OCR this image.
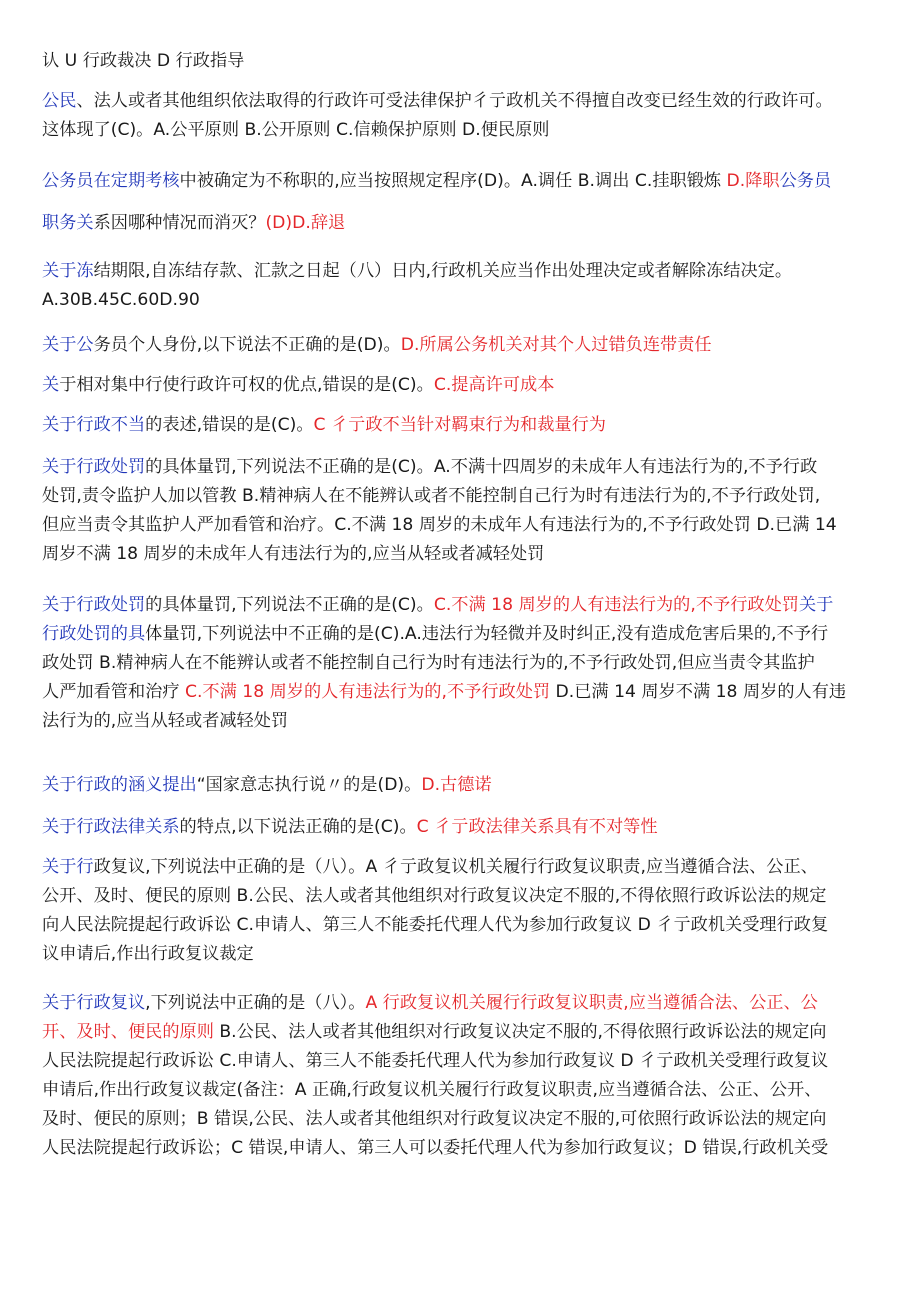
认 U 行政裁决 D 行政指导
公民、法人或者其他组织依法取得的行政许可受法律保护彳亍政机关不得擅自改变已经生效的行政许可。
这体现了(C)。A.公平原则 B.公开原则 C.信赖保护原则 D.便民原则
公务员在定期考核中被确定为不称职的,应当按照规定程序(D)。A.调任 B.调出 C.挂职锻炼 D.降职公务员
职务关系因哪种情况而消灭？(D)D.辞退
关于冻结期限,自冻结存款、汇款之日起（八）日内,行政机关应当作出处理决定或者解除冻结决定。
A.30B.45C.60D.90
关于公务员个人身份,以下说法不正确的是(D)。D.所属公务机关对其个人过错负连带责任
关于相对集中行使行政许可权的优点,错误的是(C)。C.提高许可成本
关于行政不当的表述,错误的是(C)。C 彳亍政不当针对羁束行为和裁量行为
关于行政处罚的具体量罚,下列说法不正确的是(C)。A.不满十四周岁的未成年人有违法行为的,不予行政
处罚,责令监护人加以管教 B.精神病人在不能辨认或者不能控制自己行为时有违法行为的,不予行政处罚,
但应当责令其监护人严加看管和治疗。C.不满 18 周岁的未成年人有违法行为的,不予行政处罚 D.已满 14
周岁不满 18 周岁的未成年人有违法行为的,应当从轻或者减轻处罚
关于行政处罚的具体量罚,下列说法不正确的是(C)。C.不满 18 周岁的人有违法行为的,不予行政处罚关于
行政处罚的具体量罚,下列说法中不正确的是(C).A.违法行为轻微并及时纠正,没有造成危害后果的,不予行
政处罚 B.精神病人在不能辨认或者不能控制自己行为时有违法行为的,不予行政处罚,但应当责令其监护
人严加看管和治疗 C.不满 18 周岁的人有违法行为的,不予行政处罚 D.已满 14 周岁不满 18 周岁的人有违
法行为的,应当从轻或者减轻处罚
关于行政的涵义提出“国家意志执行说〃的是(D)。D.古德诺
关于行政法律关系的特点,以下说法正确的是(C)。C 彳亍政法律关系具有不对等性
关于行政复议,下列说法中正确的是（八）。A 彳亍政复议机关履行行政复议职责,应当遵循合法、公正、
公开、及时、便民的原则 B.公民、法人或者其他组织对行政复议决定不服的,不得依照行政诉讼法的规定
向人民法院提起行政诉讼 C.申请人、第三人不能委托代理人代为参加行政复议 D 彳亍政机关受理行政复
议申请后,作出行政复议裁定
关于行政复议,下列说法中正确的是（八）。A 行政复议机关履行行政复议职责,应当遵循合法、公正、公
开、及时、便民的原则 B.公民、法人或者其他组织对行政复议决定不服的,不得依照行政诉讼法的规定向
人民法院提起行政诉讼 C.申请人、第三人不能委托代理人代为参加行政复议 D 彳亍政机关受理行政复议
申请后,作出行政复议裁定(备注：A 正确,行政复议机关履行行政复议职责,应当遵循合法、公正、公开、
及时、便民的原则；B 错误,公民、法人或者其他组织对行政复议决定不服的,可依照行政诉讼法的规定向
人民法院提起行政诉讼；C 错误,申请人、第三人可以委托代理人代为参加行政复议；D 错误,行政机关受
